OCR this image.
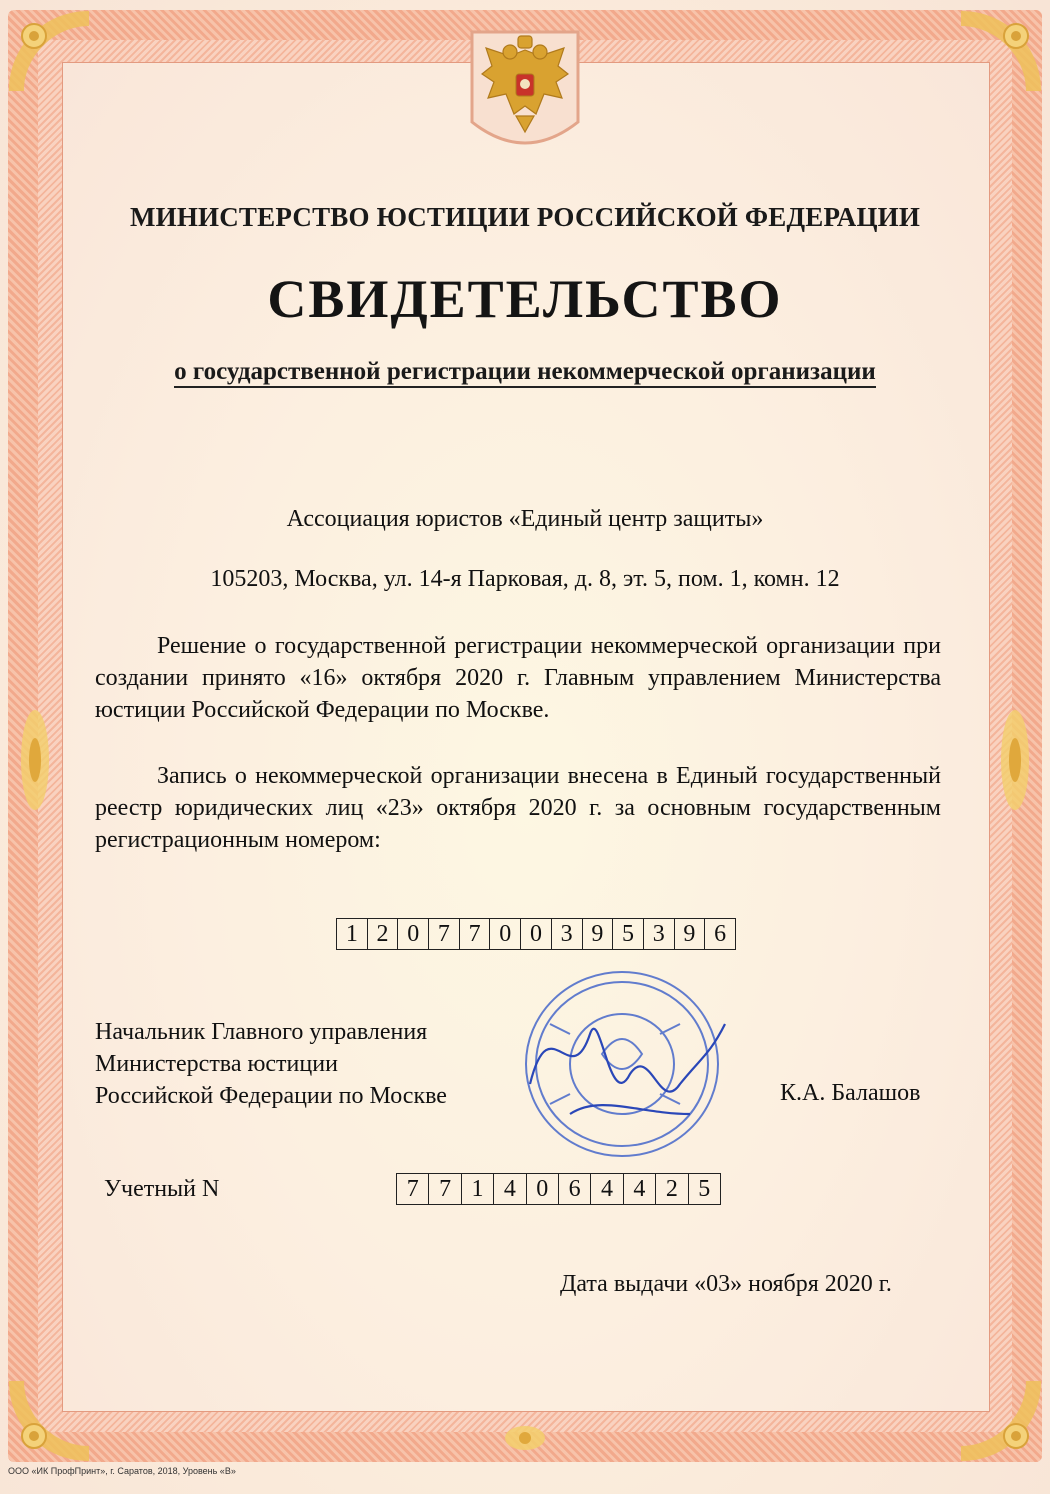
МИНИСТЕРСТВО ЮСТИЦИИ РОССИЙСКОЙ ФЕДЕРАЦИИ
СВИДЕТЕЛЬСТВО
о государственной регистрации некоммерческой организации
Ассоциация юристов «Единый центр защиты»
105203, Москва, ул. 14-я Парковая, д. 8, эт. 5, пом. 1, комн. 12
Решение о государственной регистрации некоммерческой организации при создании принято «16» октября 2020 г. Главным управлением Министерства юстиции Российской Федерации по Москве.
Запись о некоммерческой организации внесена в Единый государственный реестр юридических лиц «23» октября 2020 г. за основным государственным регистрационным номером:
1 2 0 7 7 0 0 3 9 5 3 9 6
Начальник Главного управления
Министерства юстиции
Российской Федерации по Москве	К.А. Балашов
Учетный N	7 7 1 4 0 6 4 4 2 5
Дата выдачи «03» ноября 2020 г.
ООО «ИК ПрофПринт», г. Саратов, 2018, Уровень «В»
